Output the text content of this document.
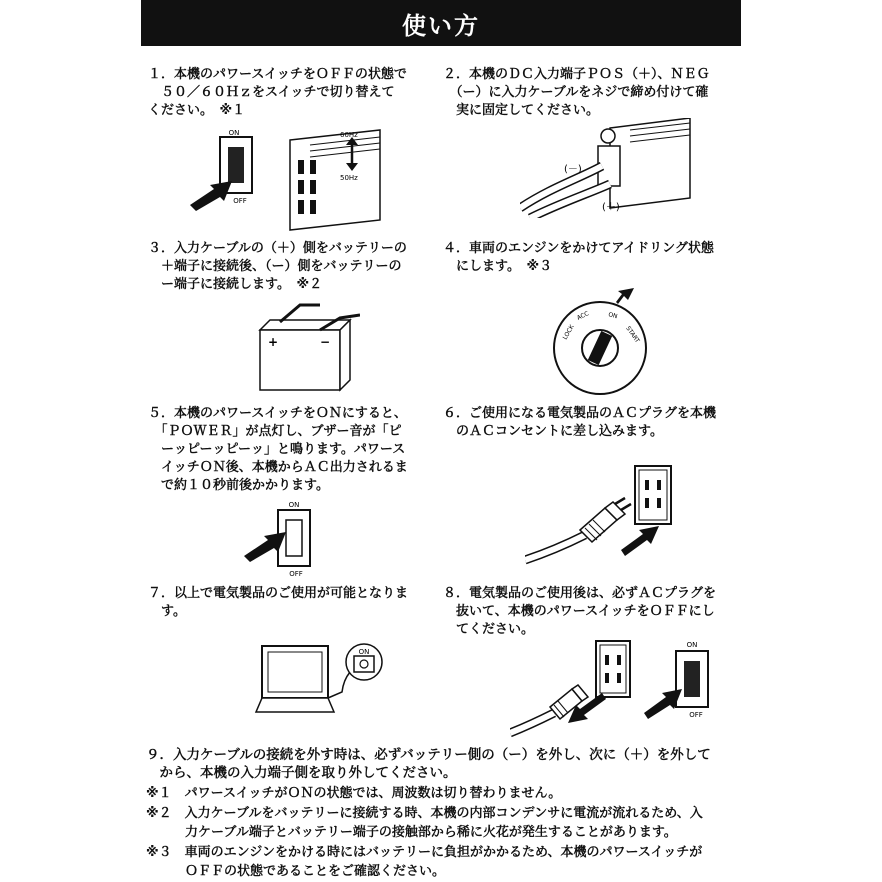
使い方
１．本機のパワースイッチをＯＦＦの状態で
　５０／６０Ｈｚをスイッチで切り替えて
ください。　※１
２．本機のＤＣ入力端子ＰＯＳ（＋）、ＮＥＧ
　（ー）に入力ケーブルをネジで締め付けて確
　実に固定してください。
３．入力ケーブルの（＋）側をバッテリーの
　＋端子に接続後、（ー）側をバッテリーの
　ー端子に接続します。　※２
４．車両のエンジンをかけてアイドリング状態
　にします。　※３
５．本機のパワースイッチをＯＮにすると、
　「ＰＯＷＥＲ」が点灯し、ブザー音が「ピ
　ーッピーッピーッ」と鳴ります。パワース
　イッチＯＮ後、本機からＡＣ出力されるま
　で約１０秒前後かかります。
６．ご使用になる電気製品のＡＣプラグを本機
　のＡＣコンセントに差し込みます。
７．以上で電気製品のご使用が可能となりま
　す。
８．電気製品のご使用後は、必ずＡＣプラグを
　抜いて、本機のパワースイッチをＯＦＦにし
　てください。
ON
OFF
60Hz
50Hz
(－)
(＋)
+	−
LOCK
ACC	ON
START
ON
OFF
ON
ON
OFF
９．入力ケーブルの接続を外す時は、必ずバッテリー側の（ー）を外し、次に（＋）を外して
　から、本機の入力端子側を取り外してください。
※１　パワースイッチがＯＮの状態では、周波数は切り替わりません。
※２　入力ケーブルをバッテリーに接続する時、本機の内部コンデンサに電流が流れるため、入
　　　力ケーブル端子とバッテリー端子の接触部から稀に火花が発生することがあります。
※３　車両のエンジンをかける時にはバッテリーに負担がかかるため、本機のパワースイッチが
　　　ＯＦＦの状態であることをご確認ください。
